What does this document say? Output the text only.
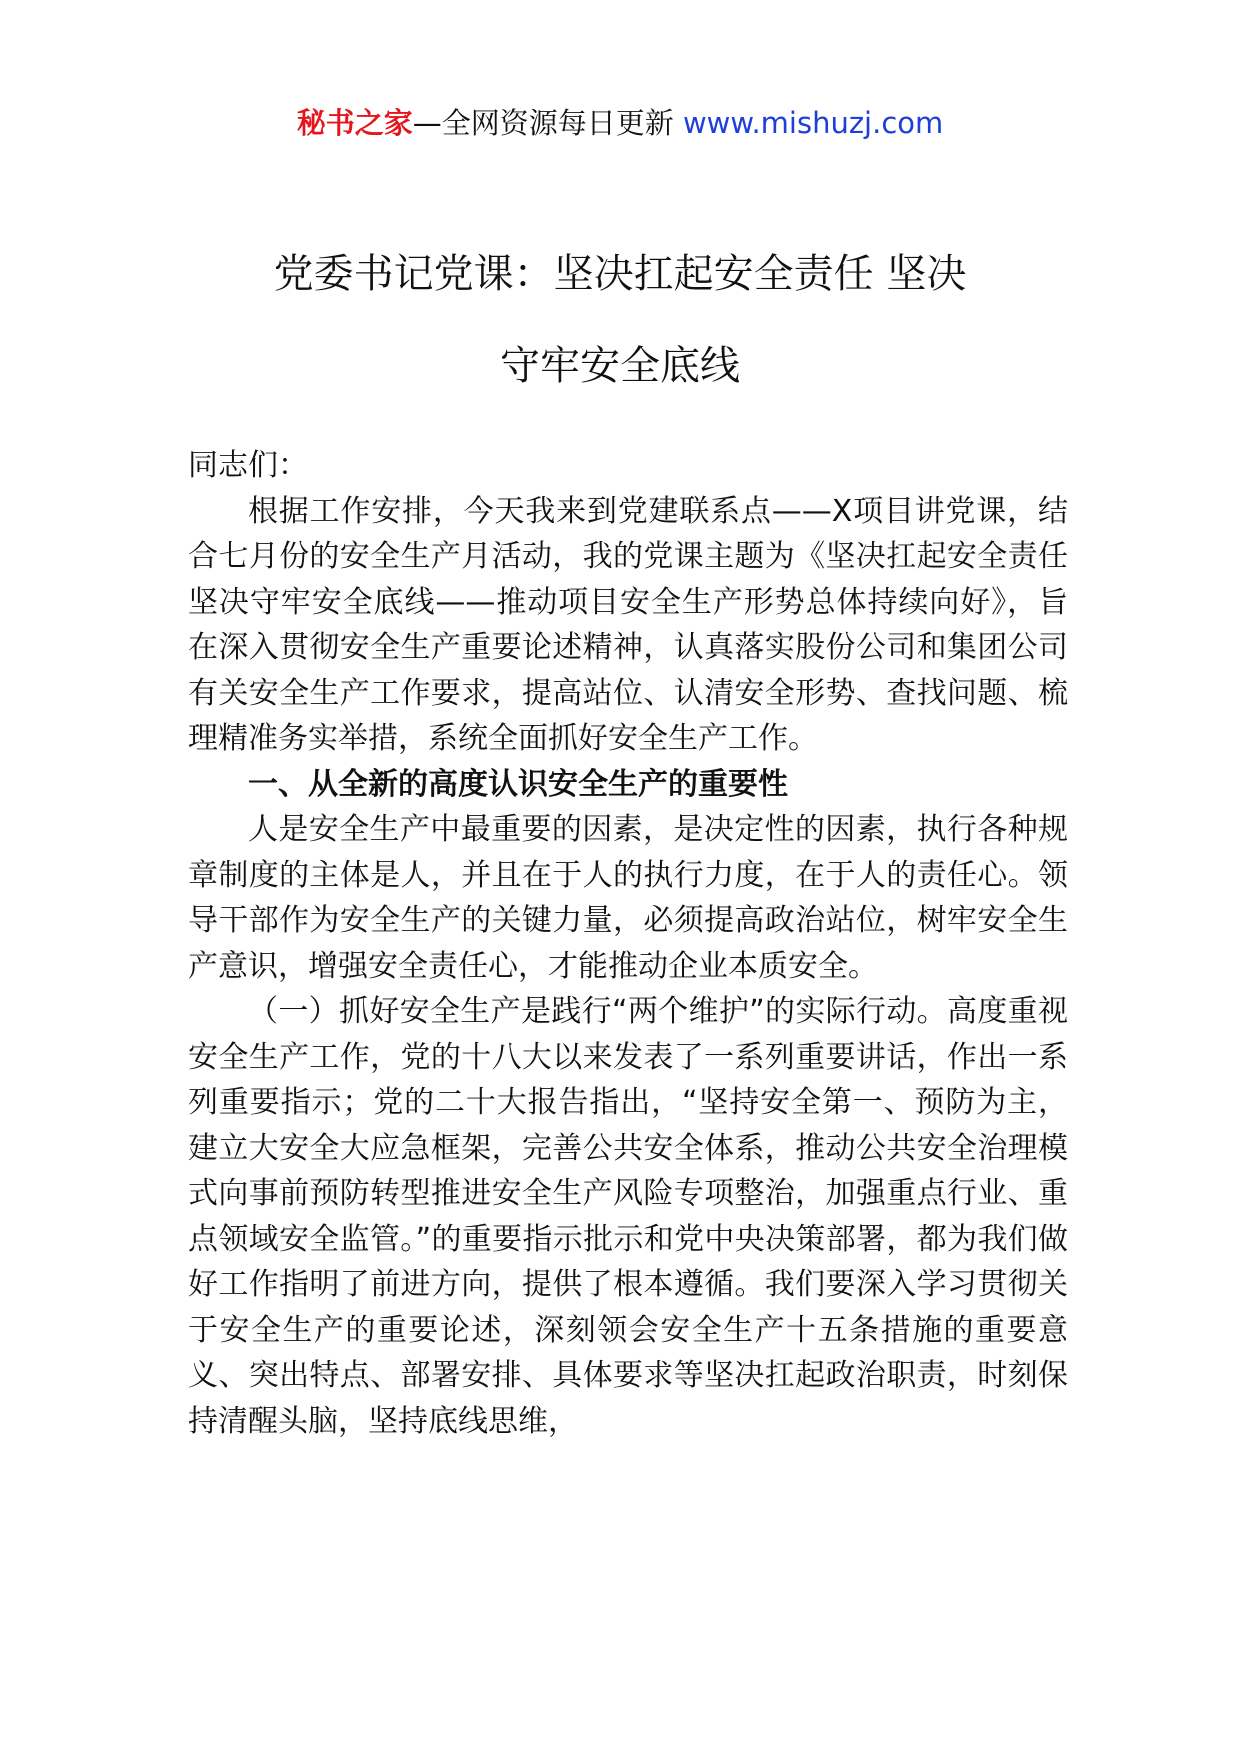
秘书之家—全网资源每日更新 www.mishuzj.com
党委书记党课：坚决扛起安全责任 坚决
守牢安全底线

同志们：

根据工作安排，今天我来到党建联系点——X项目讲党课，结合七月份的安全生产月活动，我的党课主题为《坚决扛起安全责任 坚决守牢安全底线——推动项目安全生产形势总体持续向好》，旨在深入贯彻安全生产重要论述精神，认真落实股份公司和集团公司有关安全生产工作要求，提高站位、认清安全形势、查找问题、梳理精准务实举措，系统全面抓好安全生产工作。

一、从全新的高度认识安全生产的重要性

人是安全生产中最重要的因素，是决定性的因素，执行各种规章制度的主体是人，并且在于人的执行力度，在于人的责任心。领导干部作为安全生产的关键力量，必须提高政治站位，树牢安全生产意识，增强安全责任心，才能推动企业本质安全。

（一）抓好安全生产是践行“两个维护”的实际行动。高度重视安全生产工作，党的十八大以来发表了一系列重要讲话，作出一系列重要指示；党的二十大报告指出，“坚持安全第一、预防为主，建立大安全大应急框架，完善公共安全体系，推动公共安全治理模式向事前预防转型推进安全生产风险专项整治，加强重点行业、重点领域安全监管。”的重要指示批示和党中央决策部署，都为我们做好工作指明了前进方向，提供了根本遵循。我们要深入学习贯彻关于安全生产的重要论述，深刻领会安全生产十五条措施的重要意义、突出特点、部署安排、具体要求等坚决扛起政治职责，时刻保持清醒头脑，坚持底线思维，
